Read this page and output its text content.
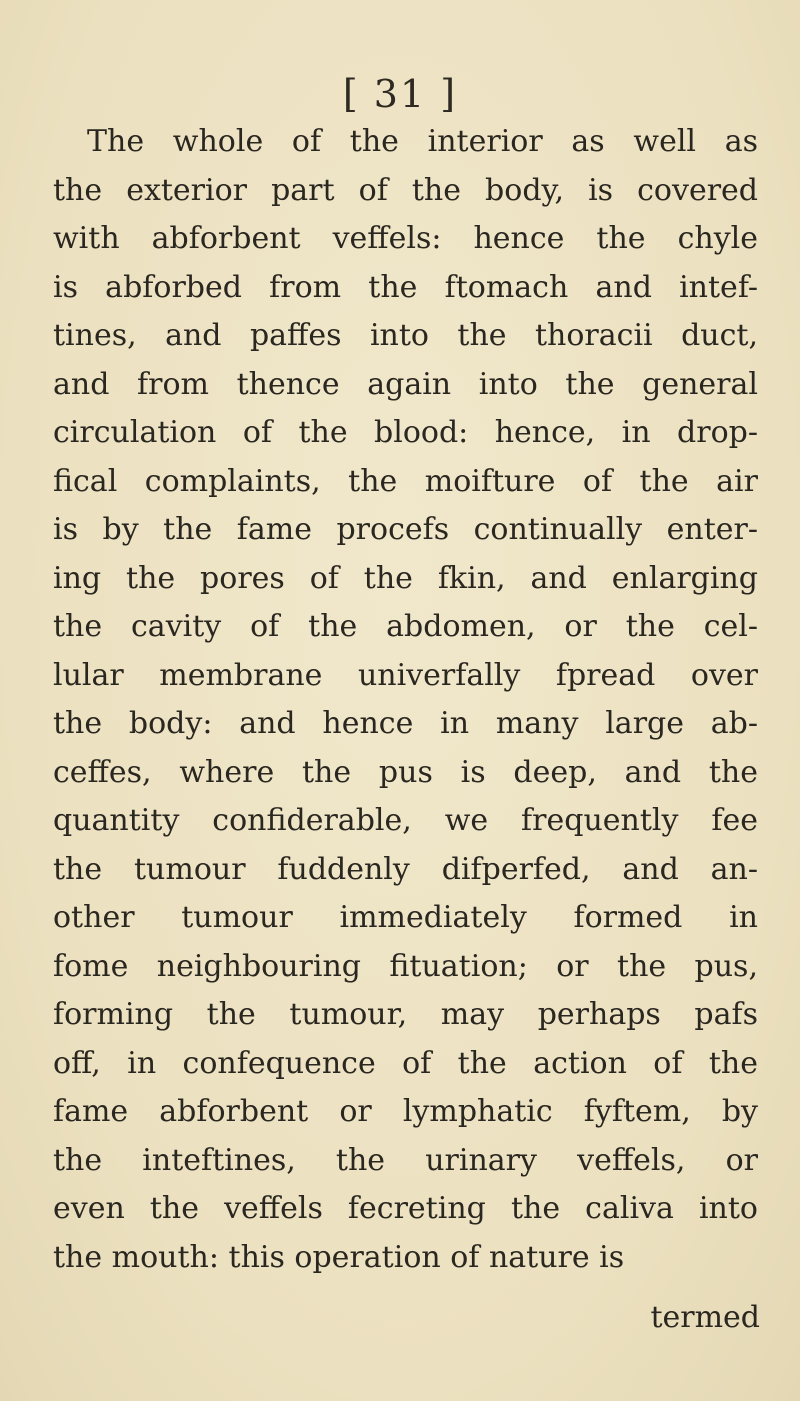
[ 31 ]
The whole of the interior as well as
the exterior part of the body, is covered
with abforbent veffels: hence the chyle
is abforbed from the ftomach and intef-
tines, and paffes into the thoracii duct,
and from thence again into the general
circulation of the blood: hence, in drop-
fical complaints, the moifture of the air
is by the fame procefs continually enter-
ing the pores of the fkin, and enlarging
the cavity of the abdomen, or the cel-
lular membrane univerfally fpread over
the body: and hence in many large ab-
ceffes, where the pus is deep, and the
quantity confiderable, we frequently fee
the tumour fuddenly difperfed, and an-
other tumour immediately formed in
fome neighbouring fituation; or the pus,
forming the tumour, may perhaps pafs
off, in confequence of the action of the
fame abforbent or lymphatic fyftem, by
the inteftines, the urinary veffels, or
even the veffels fecreting the caliva into
the mouth: this operation of nature is
termed
